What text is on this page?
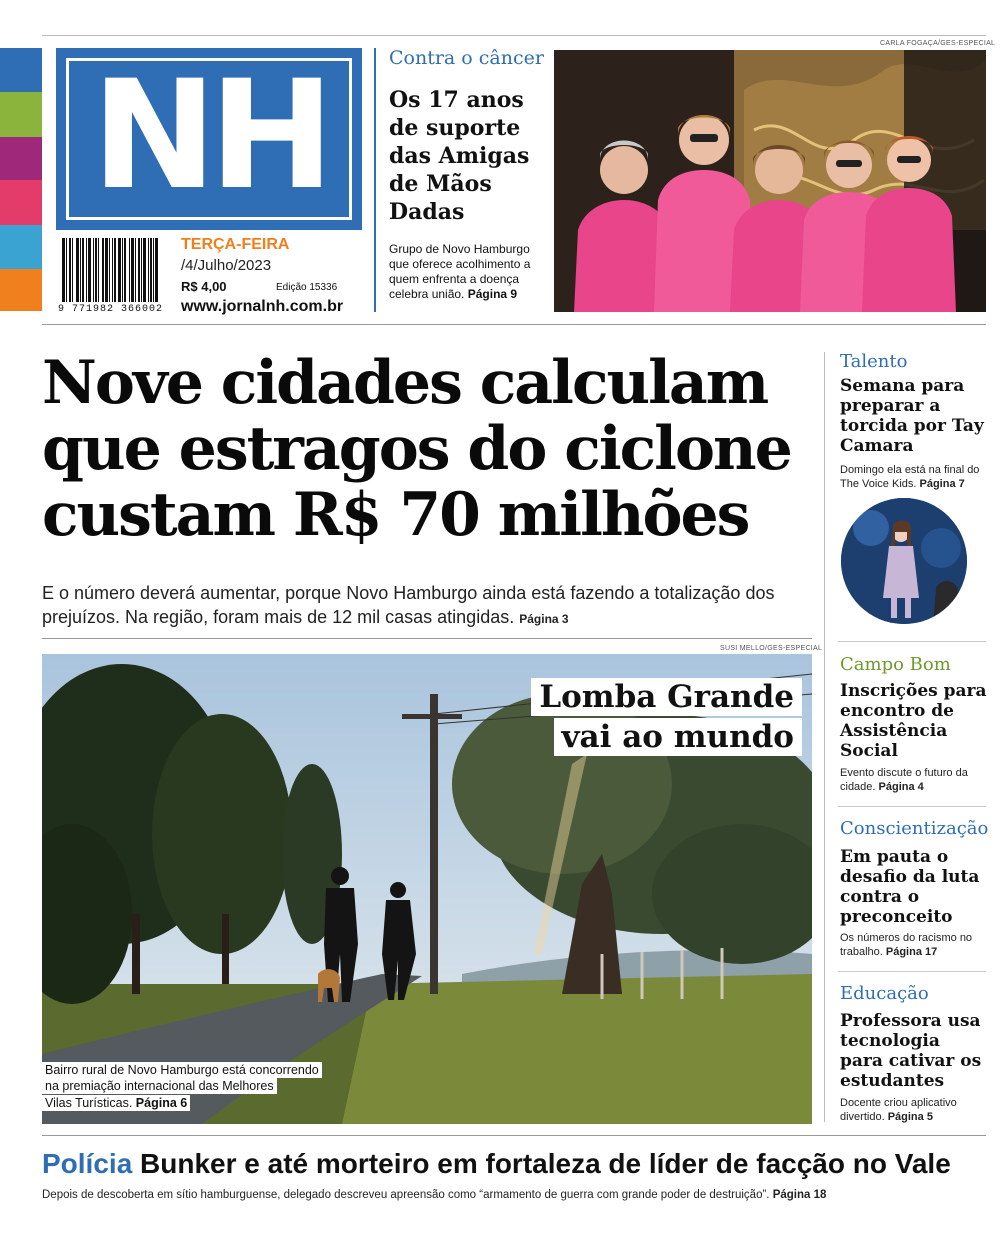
NH
9 771982 366002
TERÇA-FEIRA
/4/Julho/2023
R$ 4,00	Edição 15336
www.jornalnh.com.br
Contra o câncer
Os 17 anos de suporte das Amigas de Mãos Dadas
Grupo de Novo Hamburgo que oferece acolhimento a quem enfrenta a doença celebra união. Página 9
CARLA FOGAÇA/GES-ESPECIAL
Nove cidades calculam
que estragos do ciclone
custam R$ 70 milhões
E o número deverá aumentar, porque Novo Hamburgo ainda está fazendo a totalização dos prejuízos. Na região, foram mais de 12 mil casas atingidas. Página 3
SUSI MELLO/GES-ESPECIAL
Lomba Grande
vai ao mundo
Bairro rural de Novo Hamburgo está concorrendo
na premiação internacional das Melhores
Vilas Turísticas. Página 6
Talento
Semana para preparar a torcida por Tay Camara
Domingo ela está na final do The Voice Kids. Página 7
Campo Bom
Inscrições para encontro de Assistência Social
Evento discute o futuro da cidade. Página 4
Conscientização
Em pauta o desafio da luta contra o preconceito
Os números do racismo no trabalho. Página 17
Educação
Professora usa tecnologia para cativar os estudantes
Docente criou aplicativo divertido. Página 5
Polícia Bunker e até morteiro em fortaleza de líder de facção no Vale
Depois de descoberta em sítio hamburguense, delegado descreveu apreensão como “armamento de guerra com grande poder de destruição”. Página 18
